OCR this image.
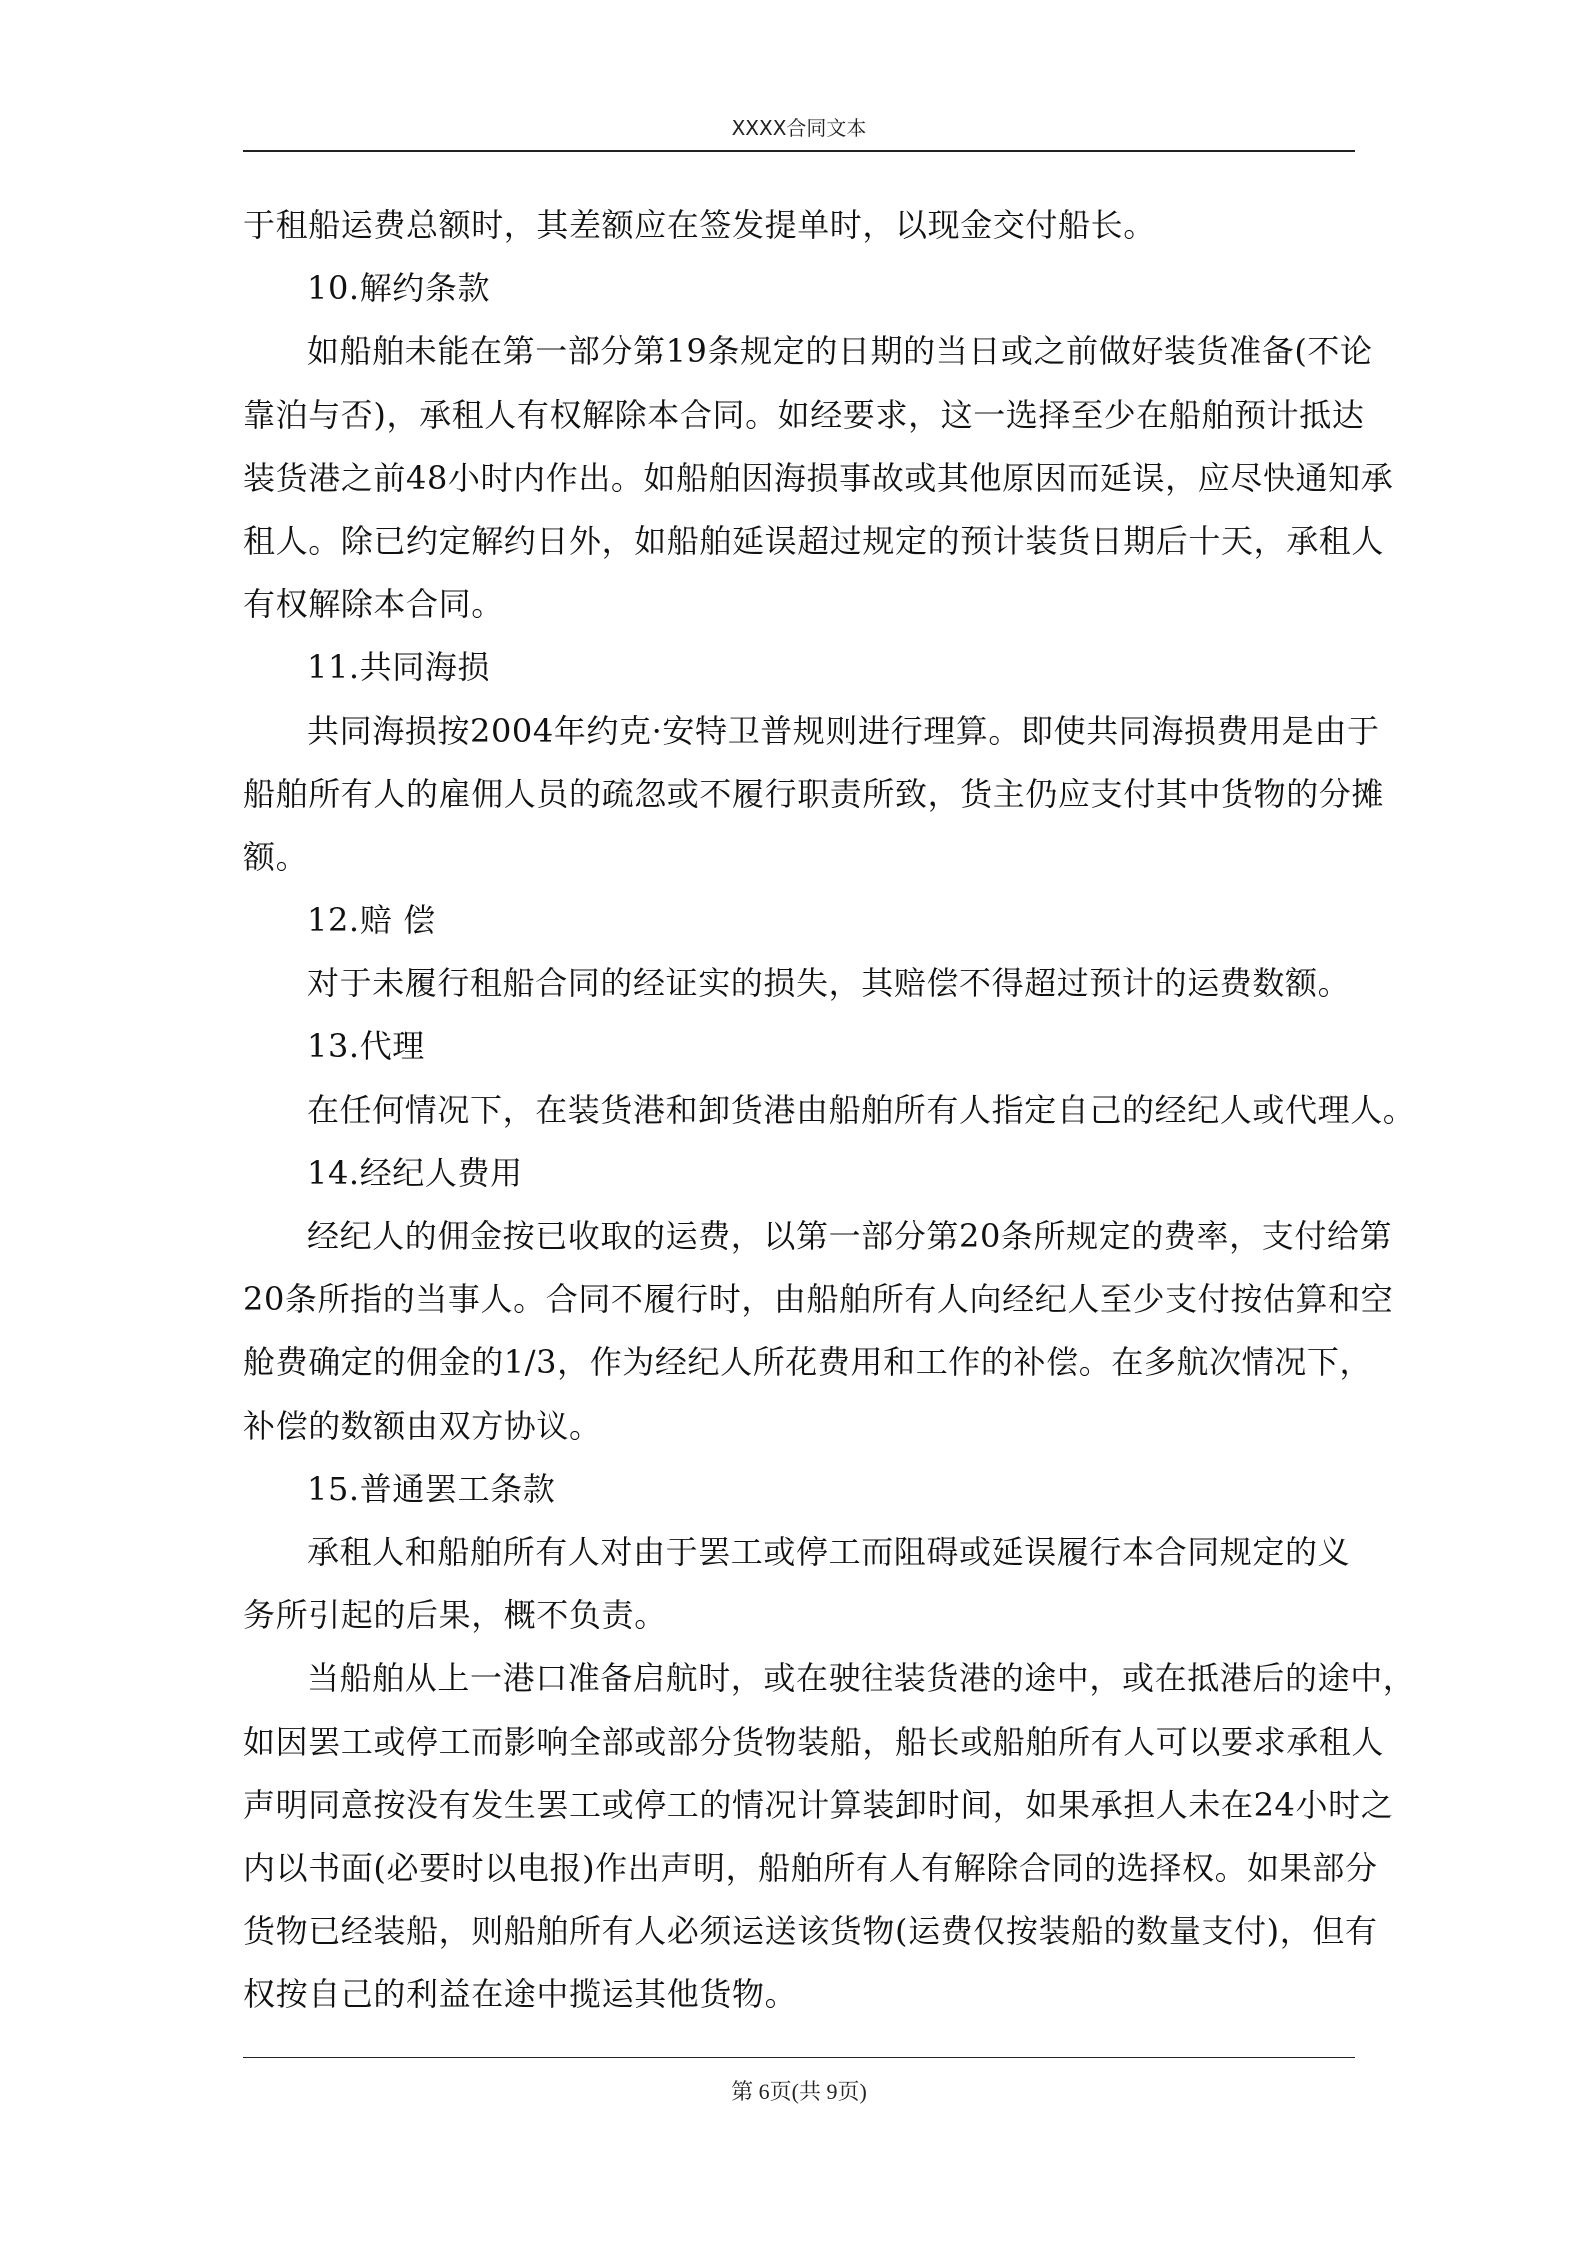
XXXX合同文本
于租船运费总额时，其差额应在签发提单时，以现金交付船长。
10.解约条款
如船舶未能在第一部分第19条规定的日期的当日或之前做好装货准备(不论
靠泊与否)，承租人有权解除本合同。如经要求，这一选择至少在船舶预计抵达
装货港之前48小时内作出。如船舶因海损事故或其他原因而延误，应尽快通知承
租人。除已约定解约日外，如船舶延误超过规定的预计装货日期后十天，承租人
有权解除本合同。
11.共同海损
共同海损按2004年约克·安特卫普规则进行理算。即使共同海损费用是由于
船舶所有人的雇佣人员的疏忽或不履行职责所致，货主仍应支付其中货物的分摊
额。
12.赔 偿
对于未履行租船合同的经证实的损失，其赔偿不得超过预计的运费数额。
13.代理
在任何情况下，在装货港和卸货港由船舶所有人指定自己的经纪人或代理人。
14.经纪人费用
经纪人的佣金按已收取的运费，以第一部分第20条所规定的费率，支付给第
20条所指的当事人。合同不履行时，由船舶所有人向经纪人至少支付按估算和空
舱费确定的佣金的1/3，作为经纪人所花费用和工作的补偿。在多航次情况下，
补偿的数额由双方协议。
15.普通罢工条款
承租人和船舶所有人对由于罢工或停工而阻碍或延误履行本合同规定的义
务所引起的后果，概不负责。
当船舶从上一港口准备启航时，或在驶往装货港的途中，或在抵港后的途中，
如因罢工或停工而影响全部或部分货物装船，船长或船舶所有人可以要求承租人
声明同意按没有发生罢工或停工的情况计算装卸时间，如果承担人未在24小时之
内以书面(必要时以电报)作出声明，船舶所有人有解除合同的选择权。如果部分
货物已经装船，则船舶所有人必须运送该货物(运费仅按装船的数量支付)，但有
权按自己的利益在途中揽运其他货物。
第 6页(共 9页)
